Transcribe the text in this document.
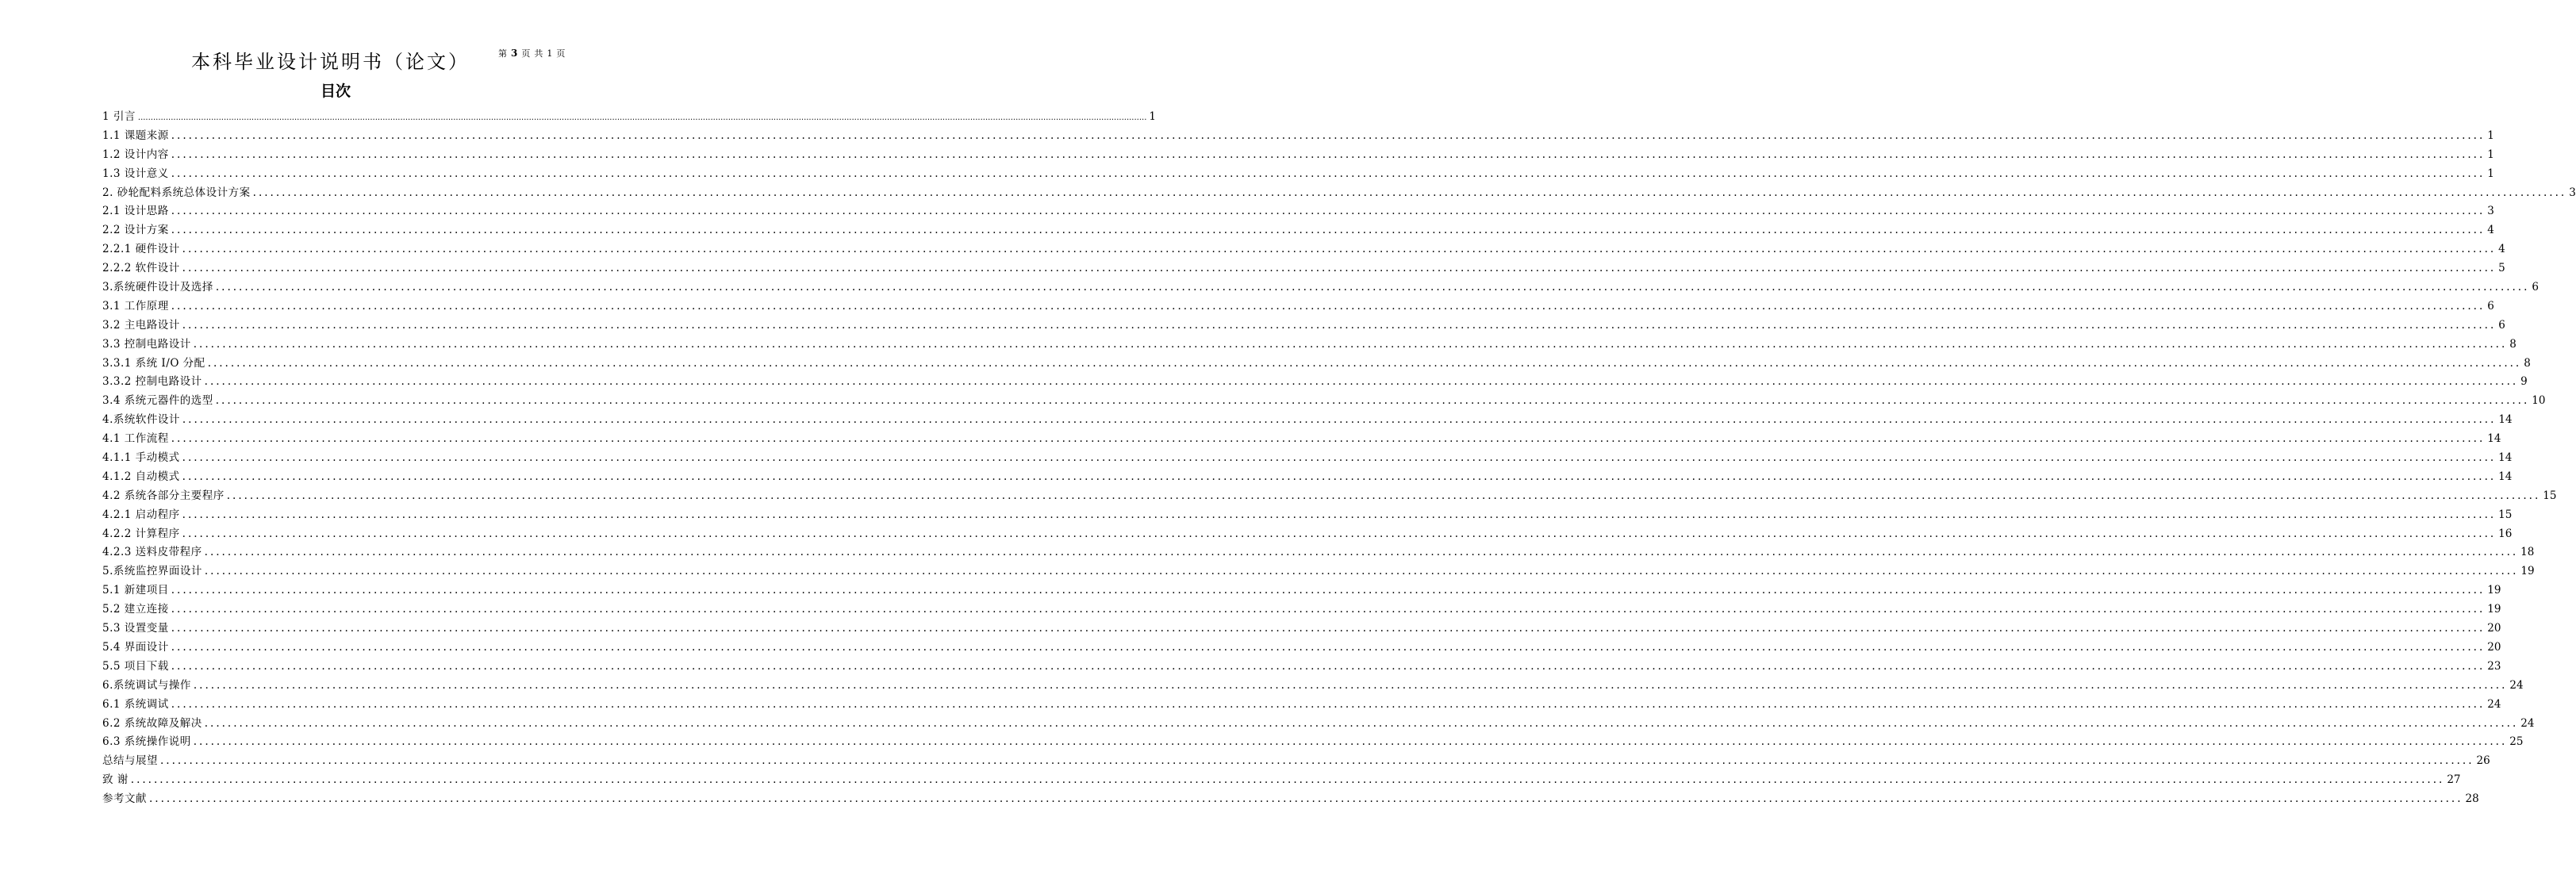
本科毕业设计说明书（论文）	第 3 页 共 1 页
目次
1 引言 ................................................................................................................................................................................................................................................................................................................................................................................................................ 1
1.1 课题来源 ................................................................................................................................................................................................................................................................................................................................................................................................................ 1
1.2 设计内容 ................................................................................................................................................................................................................................................................................................................................................................................................................ 1
1.3 设计意义 ................................................................................................................................................................................................................................................................................................................................................................................................................ 1
2. 砂轮配料系统总体设计方案 ................................................................................................................................................................................................................................................................................................................................................................................................................ 3
2.1 设计思路 ................................................................................................................................................................................................................................................................................................................................................................................................................ 3
2.2 设计方案 ................................................................................................................................................................................................................................................................................................................................................................................................................ 4
2.2.1 硬件设计 ................................................................................................................................................................................................................................................................................................................................................................................................................ 4
2.2.2 软件设计 ................................................................................................................................................................................................................................................................................................................................................................................................................ 5
3.系统硬件设计及选择 ................................................................................................................................................................................................................................................................................................................................................................................................................ 6
3.1 工作原理 ................................................................................................................................................................................................................................................................................................................................................................................................................ 6
3.2 主电路设计 ................................................................................................................................................................................................................................................................................................................................................................................................................ 6
3.3 控制电路设计 ................................................................................................................................................................................................................................................................................................................................................................................................................ 8
3.3.1 系统 I/O 分配 ................................................................................................................................................................................................................................................................................................................................................................................................................ 8
3.3.2 控制电路设计 ................................................................................................................................................................................................................................................................................................................................................................................................................ 9
3.4 系统元器件的选型 ................................................................................................................................................................................................................................................................................................................................................................................................................ 10
4.系统软件设计 ................................................................................................................................................................................................................................................................................................................................................................................................................ 14
4.1 工作流程 ................................................................................................................................................................................................................................................................................................................................................................................................................ 14
4.1.1 手动模式 ................................................................................................................................................................................................................................................................................................................................................................................................................ 14
4.1.2 自动模式 ................................................................................................................................................................................................................................................................................................................................................................................................................ 14
4.2 系统各部分主要程序 ................................................................................................................................................................................................................................................................................................................................................................................................................ 15
4.2.1 启动程序 ................................................................................................................................................................................................................................................................................................................................................................................................................ 15
4.2.2 计算程序 ................................................................................................................................................................................................................................................................................................................................................................................................................ 16
4.2.3 送料皮带程序 ................................................................................................................................................................................................................................................................................................................................................................................................................ 18
5.系统监控界面设计 ................................................................................................................................................................................................................................................................................................................................................................................................................ 19
5.1 新建项目 ................................................................................................................................................................................................................................................................................................................................................................................................................ 19
5.2 建立连接 ................................................................................................................................................................................................................................................................................................................................................................................................................ 19
5.3 设置变量 ................................................................................................................................................................................................................................................................................................................................................................................................................ 20
5.4 界面设计 ................................................................................................................................................................................................................................................................................................................................................................................................................ 20
5.5 项目下载 ................................................................................................................................................................................................................................................................................................................................................................................................................ 23
6.系统调试与操作 ................................................................................................................................................................................................................................................................................................................................................................................................................ 24
6.1 系统调试 ................................................................................................................................................................................................................................................................................................................................................................................................................ 24
6.2 系统故障及解决 ................................................................................................................................................................................................................................................................................................................................................................................................................ 24
6.3 系统操作说明 ................................................................................................................................................................................................................................................................................................................................................................................................................ 25
总结与展望 ................................................................................................................................................................................................................................................................................................................................................................................................................ 26
致 谢 ................................................................................................................................................................................................................................................................................................................................................................................................................ 27
参考文献 ................................................................................................................................................................................................................................................................................................................................................................................................................ 28
